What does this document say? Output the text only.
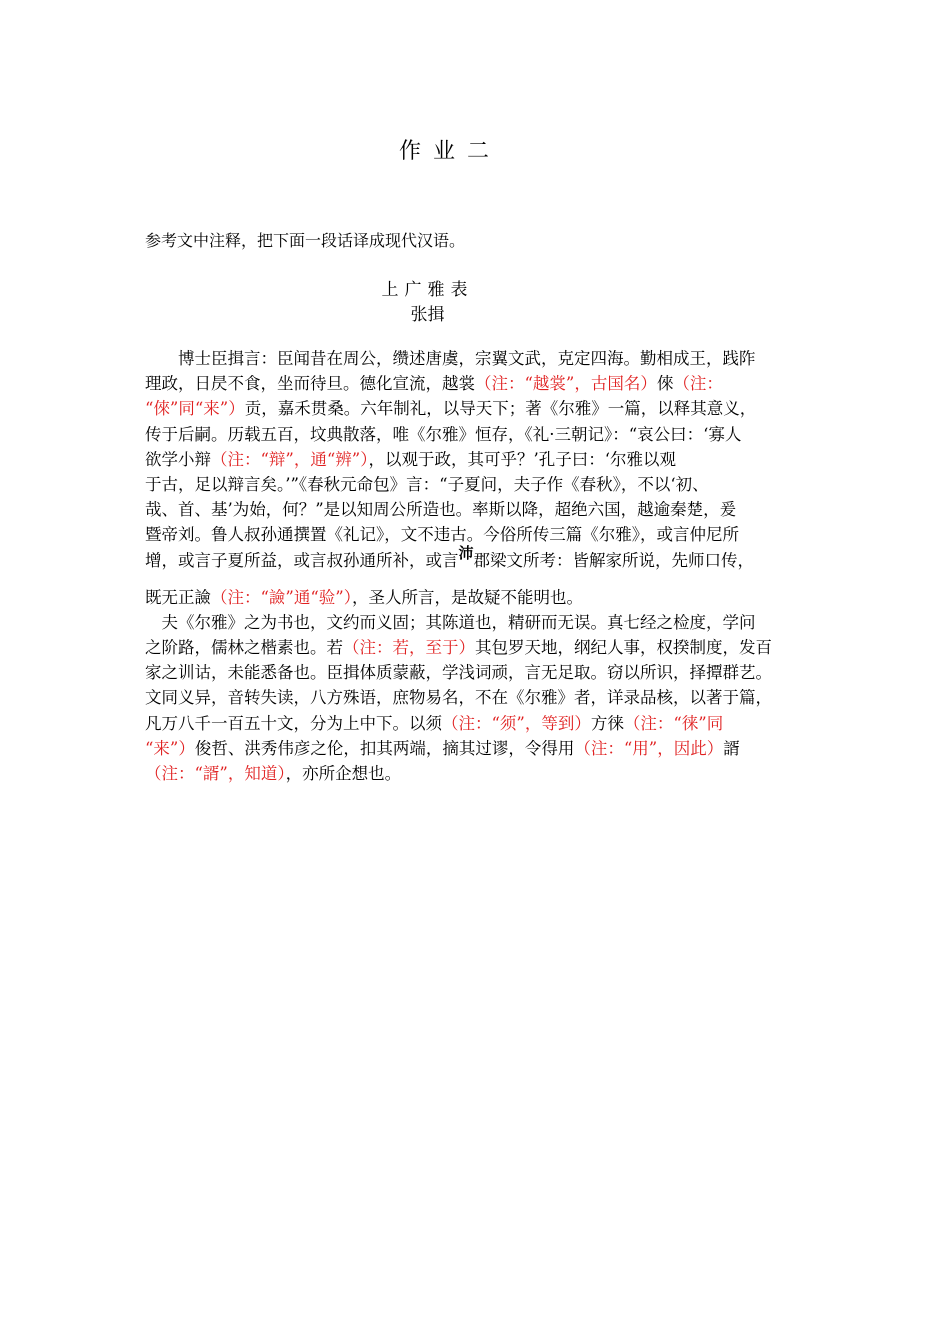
作业二
参考文中注释，把下面一段话译成现代汉语。
上广雅表
张揖
　　博士臣揖言：臣闻昔在周公，缵述唐虞，宗翼文武，克定四海。勤相成王，践阼
理政，日昃不食，坐而待旦。德化宣流，越裳（注：“越裳”，古国名）倈（注：
“倈”同“来”）贡，嘉禾贯桑。六年制礼，以导天下；著《尔雅》一篇，以释其意义，
传于后嗣。历载五百，坟典散落，唯《尔雅》恒存，《礼·三朝记》：“哀公曰：‘寡人
欲学小辩（注：“辩”，通“辨”），以观于政，其可乎？’孔子曰：‘尔雅以观
于古，足以辩言矣。’”《春秋元命包》言：“子夏问，夫子作《春秋》，不以‘初、
哉、首、基’为始，何？”是以知周公所造也。率斯以降，超绝六国，越逾秦楚，爰
暨帝刘。鲁人叔孙通撰置《礼记》，文不违古。今俗所传三篇《尔雅》，或言仲尼所
增，或言子夏所益，或言叔孙通所补，或言沛郡梁文所考：皆解家所说，先师口传，
既无正譣（注：“譣”通“验”），圣人所言，是故疑不能明也。
　夫《尔雅》之为书也，文约而义固；其陈道也，精研而无误。真七经之检度，学问
之阶路，儒林之楷素也。若（注：若，至于）其包罗天地，纲纪人事，权揆制度，发百
家之训诂，未能悉备也。臣揖体质蒙蔽，学浅词顽，言无足取。窃以所识，择撢群艺。
文同义异，音转失读，八方殊语，庶物易名，不在《尔雅》者，详录品核，以著于篇，
凡万八千一百五十文，分为上中下。以须（注：“须”，等到）方徕（注：“徕”同
“来”）俊哲、洪秀伟彦之伦，扣其两端，摘其过谬，令得用（注：“用”，因此）諝
（注：“諝”，知道），亦所企想也。
